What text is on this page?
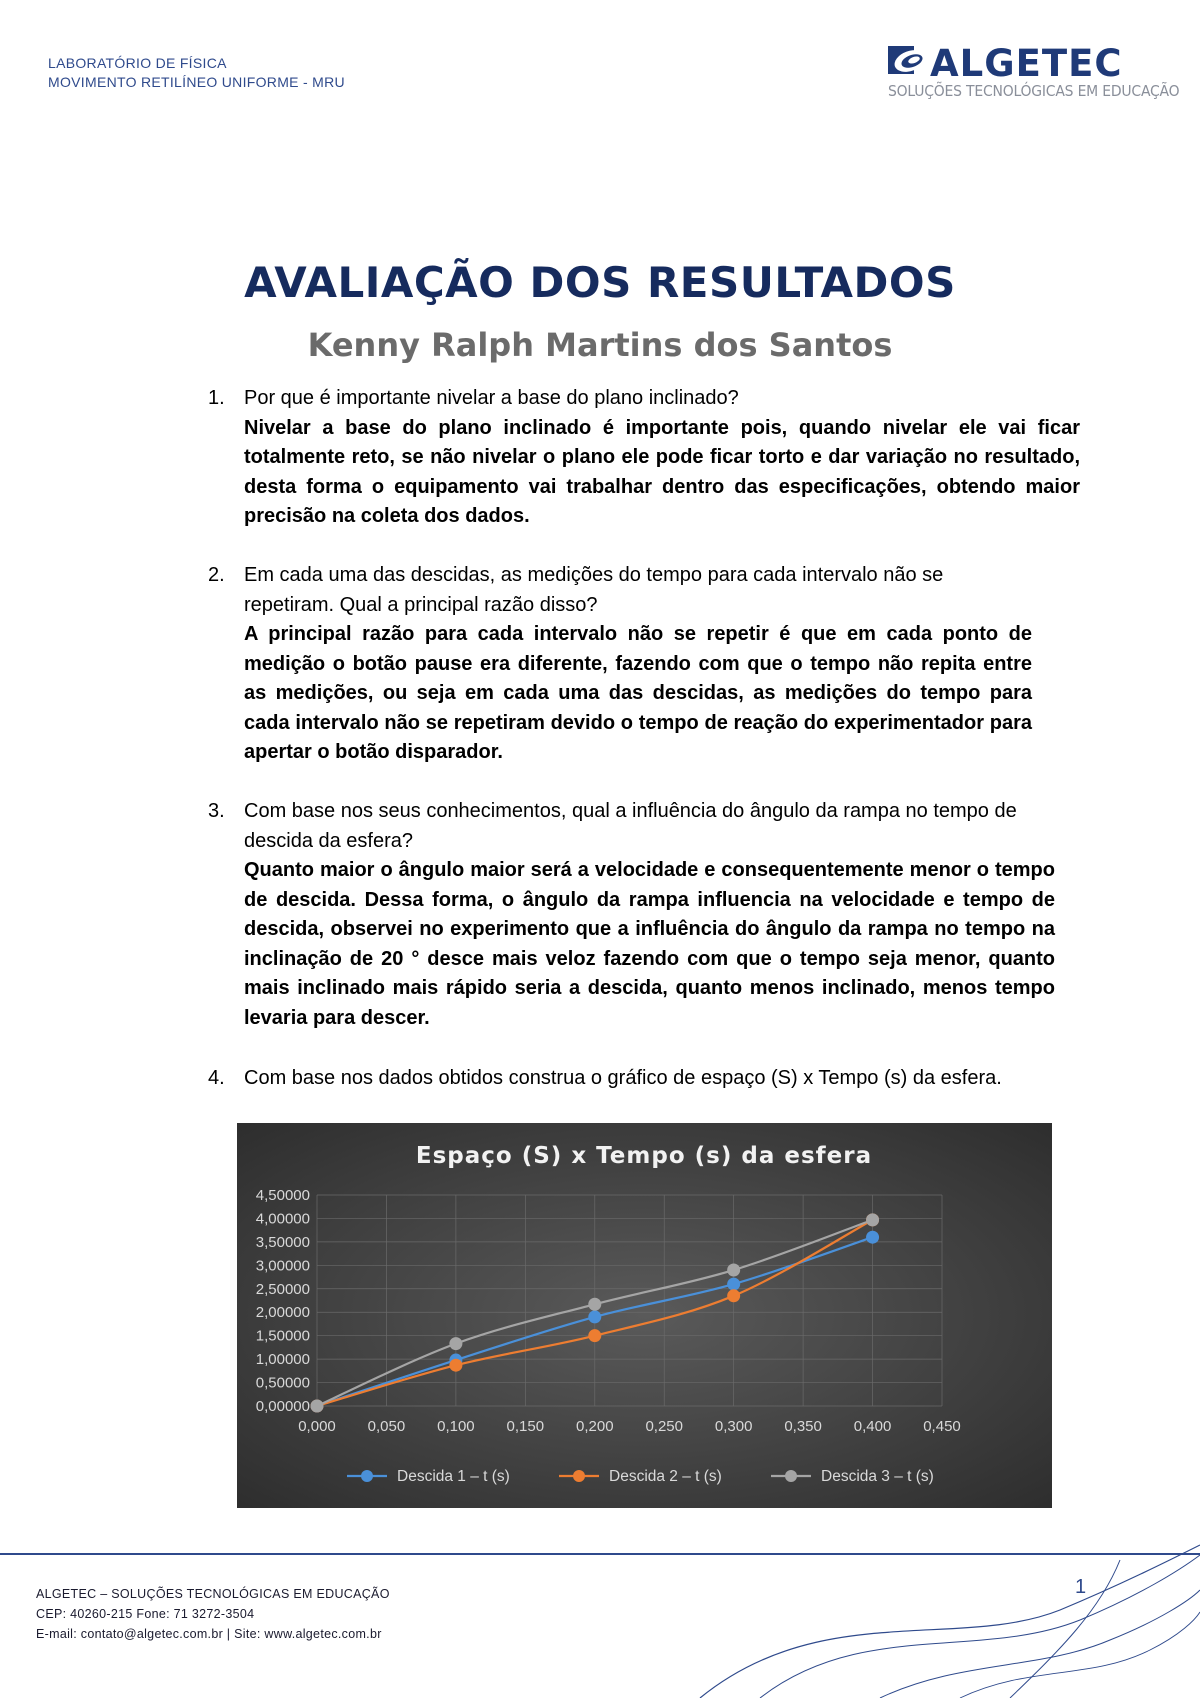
LABORATÓRIO DE FÍSICA
MOVIMENTO RETILÍNEO UNIFORME - MRU	ALGETEC
SOLUÇÕES TECNOLÓGICAS EM EDUCAÇÃO
AVALIAÇÃO DOS RESULTADOS
Kenny Ralph Martins dos Santos
1. Por que é importante nivelar a base do plano inclinado?
Nivelar a base do plano inclinado é importante pois, quando nivelar ele vai ficar totalmente reto, se não nivelar o plano ele pode ficar torto e dar variação no resultado, desta forma o equipamento vai trabalhar dentro das especificações, obtendo maior precisão na coleta dos dados.
2. Em cada uma das descidas, as medições do tempo para cada intervalo não se repetiram. Qual a principal razão disso?
A principal razão para cada intervalo não se repetir é que em cada ponto de medição o botão pause era diferente, fazendo com que o tempo não repita entre as medições, ou seja em cada uma das descidas, as medições do tempo para cada intervalo não se repetiram devido o tempo de reação do experimentador para apertar o botão disparador.
3. Com base nos seus conhecimentos, qual a influência do ângulo da rampa no tempo de descida da esfera?
Quanto maior o ângulo maior será a velocidade e consequentemente menor o tempo de descida. Dessa forma, o ângulo da rampa influencia na velocidade e tempo de descida, observei no experimento que a influência do ângulo da rampa no tempo na inclinação de 20 ° desce mais veloz fazendo com que o tempo seja menor, quanto mais inclinado mais rápido seria a descida, quanto menos inclinado, menos tempo levaria para descer.
4. Com base nos dados obtidos construa o gráfico de espaço (S) x Tempo (s) da esfera.
Espaço (S) x Tempo (s) da esfera
0,00000
0,50000
1,00000
1,50000
2,00000
2,50000
3,00000
3,50000
4,00000
4,50000
0,000 0,050 0,100 0,150 0,200 0,250 0,300 0,350 0,400 0,450
Descida 1 – t (s)	Descida 2 – t (s)	Descida 3 – t (s)
ALGETEC – SOLUÇÕES TECNOLÓGICAS EM EDUCAÇÃO
CEP: 40260-215 Fone: 71 3272-3504
E-mail: contato@algetec.com.br | Site: www.algetec.com.br
1
